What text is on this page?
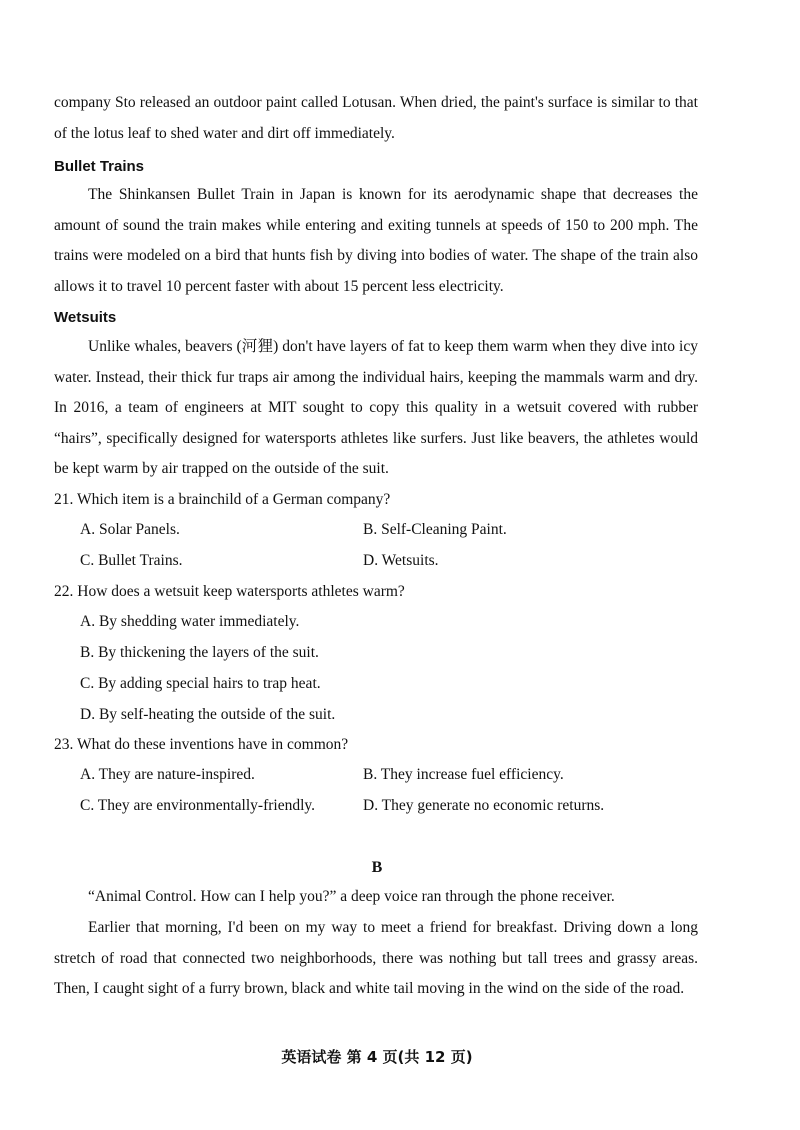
company Sto released an outdoor paint called Lotusan. When dried, the paint's surface is similar to that of the lotus leaf to shed water and dirt off immediately.

Bullet Trains

The Shinkansen Bullet Train in Japan is known for its aerodynamic shape that decreases the amount of sound the train makes while entering and exiting tunnels at speeds of 150 to 200 mph. The trains were modeled on a bird that hunts fish by diving into bodies of water. The shape of the train also allows it to travel 10 percent faster with about 15 percent less electricity.

Wetsuits

Unlike whales, beavers (河狸) don't have layers of fat to keep them warm when they dive into icy water. Instead, their thick fur traps air among the individual hairs, keeping the mammals warm and dry. In 2016, a team of engineers at MIT sought to copy this quality in a wetsuit covered with rubber “hairs”, specifically designed for watersports athletes like surfers. Just like beavers, the athletes would be kept warm by air trapped on the outside of the suit.

21. Which item is a brainchild of a German company?

A. Solar Panels.	B. Self-Cleaning Paint.

C. Bullet Trains.	D. Wetsuits.

22. How does a wetsuit keep watersports athletes warm?

A. By shedding water immediately.

B. By thickening the layers of the suit.

C. By adding special hairs to trap heat.

D. By self-heating the outside of the suit.

23. What do these inventions have in common?

A. They are nature-inspired.	B. They increase fuel efficiency.

C. They are environmentally-friendly.	D. They generate no economic returns.

B

“Animal Control. How can I help you?” a deep voice ran through the phone receiver.

Earlier that morning, I'd been on my way to meet a friend for breakfast. Driving down a long stretch of road that connected two neighborhoods, there was nothing but tall trees and grassy areas. Then, I caught sight of a furry brown, black and white tail moving in the wind on the side of the road.

英语试卷 第 4 页(共 12 页)
